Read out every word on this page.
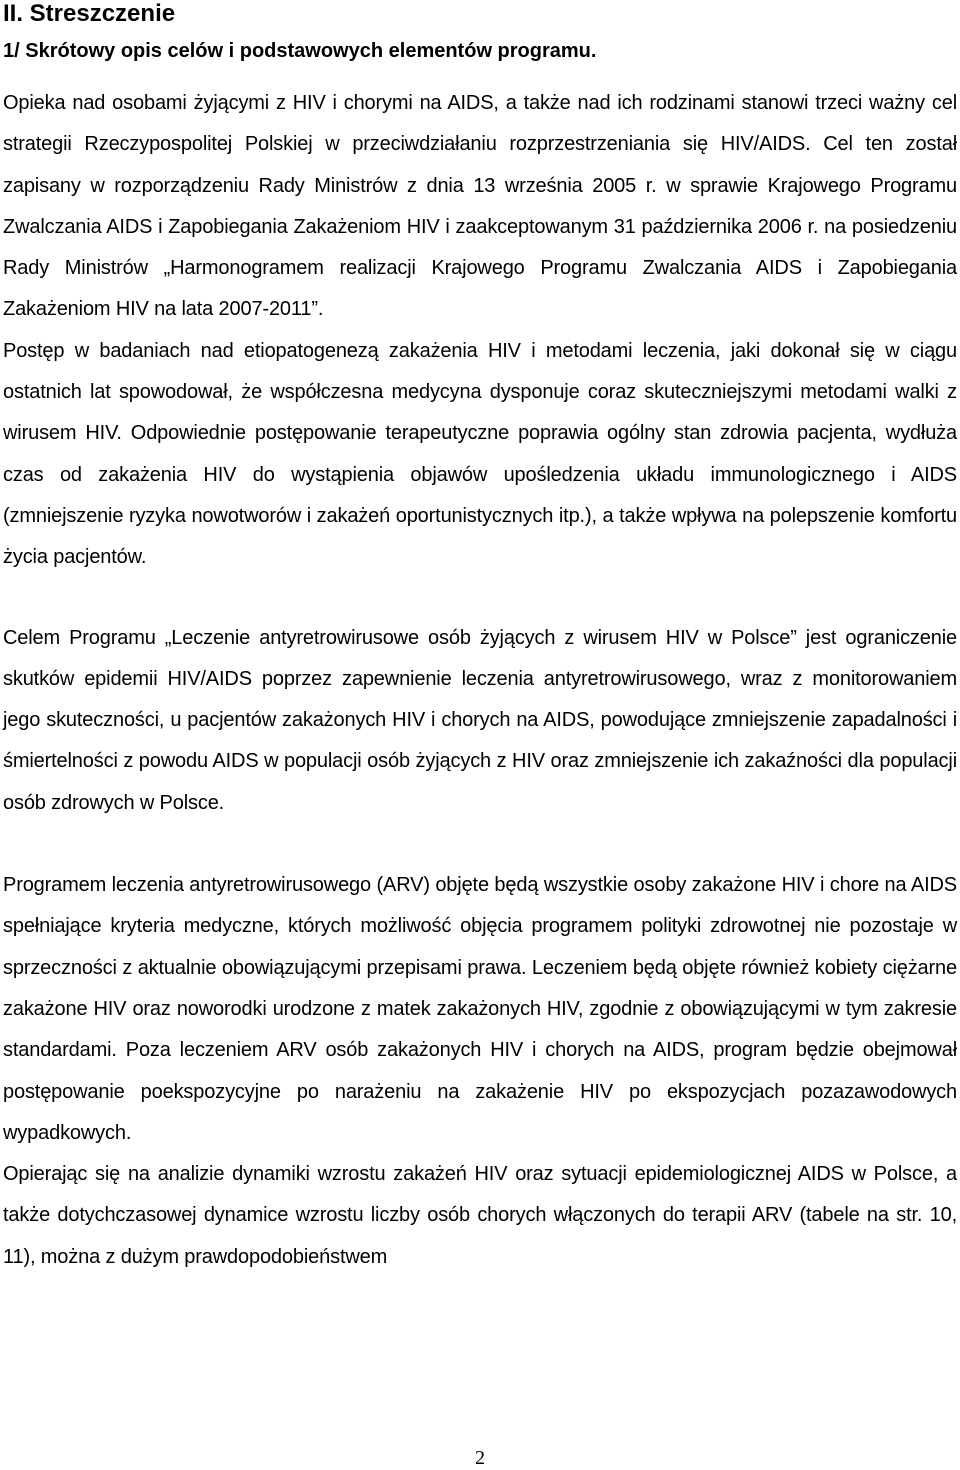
II. Streszczenie
1/ Skrótowy opis celów i podstawowych elementów programu.

Opieka nad osobami żyjącymi z HIV i chorymi na AIDS, a także nad ich rodzinami stanowi trzeci ważny cel strategii Rzeczypospolitej Polskiej w przeciwdziałaniu rozprzestrzeniania się HIV/AIDS. Cel ten został zapisany w rozporządzeniu Rady Ministrów z dnia 13 września 2005 r. w sprawie Krajowego Programu Zwalczania AIDS i Zapobiegania Zakażeniom HIV i zaakceptowanym 31 października 2006 r. na posiedzeniu Rady Ministrów „Harmonogramem realizacji Krajowego Programu Zwalczania AIDS i Zapobiegania Zakażeniom HIV na lata 2007-2011”.

Postęp w badaniach nad etiopatogenezą zakażenia HIV i metodami leczenia, jaki dokonał się w ciągu ostatnich lat spowodował, że współczesna medycyna dysponuje coraz skuteczniejszymi metodami walki z wirusem HIV. Odpowiednie postępowanie terapeutyczne poprawia ogólny stan zdrowia pacjenta, wydłuża czas od zakażenia HIV do wystąpienia objawów upośledzenia układu immunologicznego i AIDS (zmniejszenie ryzyka nowotworów i zakażeń oportunistycznych itp.), a także wpływa na polepszenie komfortu życia pacjentów.

Celem Programu „Leczenie antyretrowirusowe osób żyjących z wirusem HIV w Polsce” jest ograniczenie skutków epidemii HIV/AIDS poprzez zapewnienie leczenia antyretrowirusowego, wraz z monitorowaniem jego skuteczności, u pacjentów zakażonych HIV i chorych na AIDS, powodujące zmniejszenie zapadalności i śmiertelności z powodu AIDS w populacji osób żyjących z HIV oraz zmniejszenie ich zakaźności dla populacji osób zdrowych w Polsce.

Programem leczenia antyretrowirusowego (ARV) objęte będą wszystkie osoby zakażone HIV i chore na AIDS spełniające kryteria medyczne, których możliwość objęcia programem polityki zdrowotnej nie pozostaje w sprzeczności z aktualnie obowiązującymi przepisami prawa. Leczeniem będą objęte również kobiety ciężarne zakażone HIV oraz noworodki urodzone z matek zakażonych HIV, zgodnie z obowiązującymi w tym zakresie standardami. Poza leczeniem ARV osób zakażonych HIV i chorych na AIDS, program będzie obejmował postępowanie poekspozycyjne po narażeniu na zakażenie HIV po ekspozycjach pozazawodowych wypadkowych.

Opierając się na analizie dynamiki wzrostu zakażeń HIV oraz sytuacji epidemiologicznej AIDS w Polsce, a także dotychczasowej dynamice wzrostu liczby osób chorych włączonych do terapii ARV (tabele na str. 10, 11), można z dużym prawdopodobieństwem

2
